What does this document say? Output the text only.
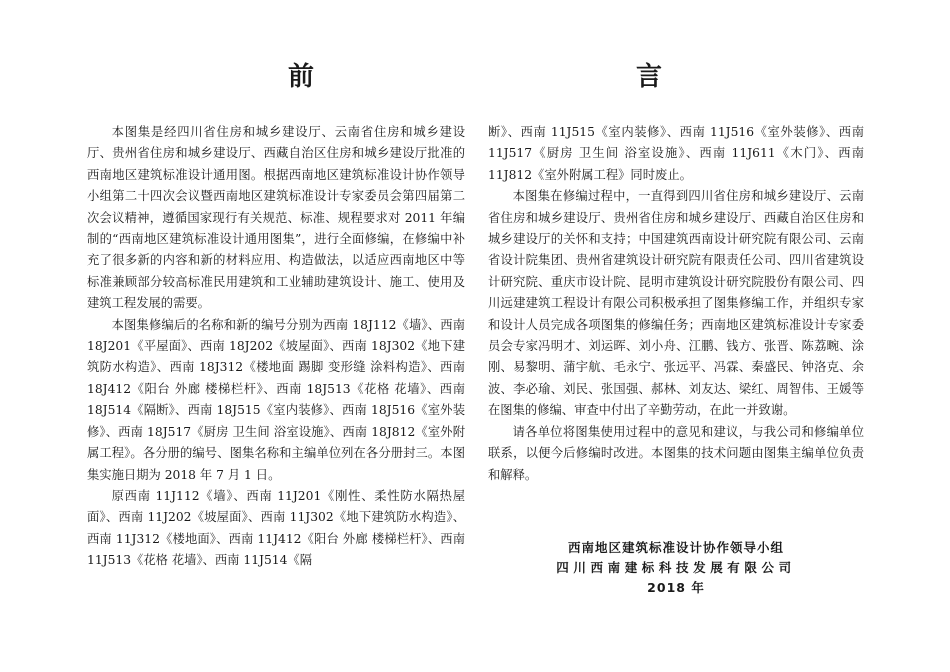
前　　言

本图集是经四川省住房和城乡建设厅、云南省住房和城乡建设厅、贵州省住房和城乡建设厅、西藏自治区住房和城乡建设厅批准的西南地区建筑标准设计通用图。根据西南地区建筑标准设计协作领导小组第二十四次会议暨西南地区建筑标准设计专家委员会第四届第二次会议精神，遵循国家现行有关规范、标准、规程要求对 2011 年编制的“西南地区建筑标准设计通用图集”，进行全面修编，在修编中补充了很多新的内容和新的材料应用、构造做法，以适应西南地区中等标准兼顾部分较高标准民用建筑和工业辅助建筑设计、施工、使用及建筑工程发展的需要。

本图集修编后的名称和新的编号分别为西南 18J112《墙》、西南 18J201《平屋面》、西南 18J202《坡屋面》、西南 18J302《地下建筑防水构造》、西南 18J312《楼地面 踢脚 变形缝 涂料构造》、西南 18J412《阳台 外廊 楼梯栏杆》、西南 18J513《花格 花墙》、西南 18J514《隔断》、西南 18J515《室内装修》、西南 18J516《室外装修》、西南 18J517《厨房 卫生间 浴室设施》、西南 18J812《室外附属工程》。各分册的编号、图集名称和主编单位列在各分册封三。本图集实施日期为 2018 年 7 月 1 日。

原西南 11J112《墙》、西南 11J201《刚性、柔性防水隔热屋面》、西南 11J202《坡屋面》、西南 11J302《地下建筑防水构造》、西南 11J312《楼地面》、西南 11J412《阳台 外廊 楼梯栏杆》、西南 11J513《花格 花墙》、西南 11J514《隔

断》、西南 11J515《室内装修》、西南 11J516《室外装修》、西南 11J517《厨房 卫生间 浴室设施》、西南 11J611《木门》、西南 11J812《室外附属工程》同时废止。

本图集在修编过程中，一直得到四川省住房和城乡建设厅、云南省住房和城乡建设厅、贵州省住房和城乡建设厅、西藏自治区住房和城乡建设厅的关怀和支持；中国建筑西南设计研究院有限公司、云南省设计院集团、贵州省建筑设计研究院有限责任公司、四川省建筑设计研究院、重庆市设计院、昆明市建筑设计研究院股份有限公司、四川远建建筑工程设计有限公司积极承担了图集修编工作，并组织专家和设计人员完成各项图集的修编任务；西南地区建筑标准设计专家委员会专家冯明才、刘运晖、刘小舟、江鹏、钱方、张晋、陈荔畹、涂刚、易黎明、蒲宇航、毛永宁、张远平、冯霖、秦盛民、钟洛克、余波、李必瑜、刘民、张国强、郝林、刘友达、梁红、周智伟、王媛等在图集的修编、审查中付出了辛勤劳动，在此一并致谢。

请各单位将图集使用过程中的意见和建议，与我公司和修编单位联系，以便今后修编时改进。本图集的技术问题由图集主编单位负责和解释。

西南地区建筑标准设计协作领导小组
四川西南建标科技发展有限公司
2018 年
